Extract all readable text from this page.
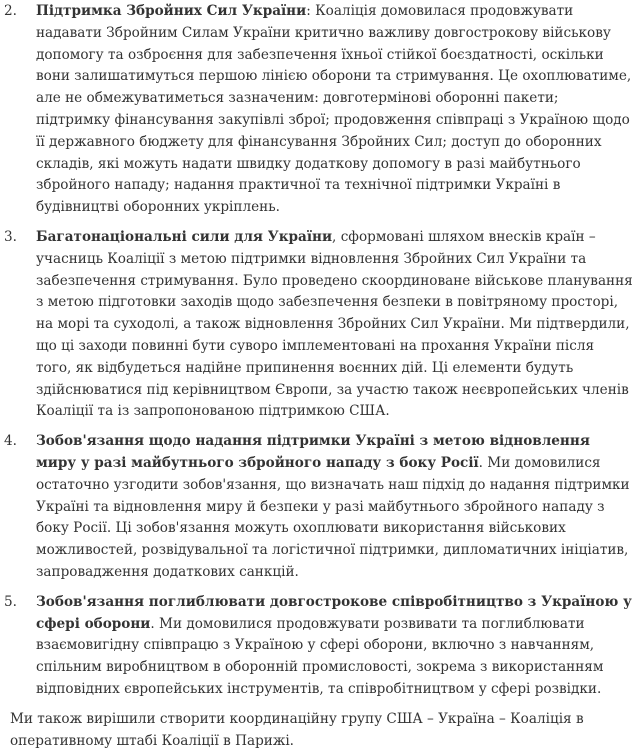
2. Підтримка Збройних Сил України: Коаліція домовилася продовжувати надавати Збройним Силам України критично важливу довгострокову військову допомогу та озброєння для забезпечення їхньої стійкої боєздатності, оскільки вони залишатимуться першою лінією оборони та стримування. Це охоплюватиме, але не обмежуватиметься зазначеним: довготермінові оборонні пакети; підтримку фінансування закупівлі зброї; продовження співпраці з Україною щодо її державного бюджету для фінансування Збройних Сил; доступ до оборонних складів, які можуть надати швидку додаткову допомогу в разі майбутнього збройного нападу; надання практичної та технічної підтримки Україні в будівництві оборонних укріплень.
3. Багатонаціональні сили для України, сформовані шляхом внесків країн – учасниць Коаліції з метою підтримки відновлення Збройних Сил України та забезпечення стримування. Було проведено скоординоване військове планування з метою підготовки заходів щодо забезпечення безпеки в повітряному просторі, на морі та суходолі, а також відновлення Збройних Сил України. Ми підтвердили, що ці заходи повинні бути суворо імплементовані на прохання України після того, як відбудеться надійне припинення воєнних дій. Ці елементи будуть здійснюватися під керівництвом Європи, за участю також неєвропейських членів Коаліції та із запропонованою підтримкою США.
4. Зобов'язання щодо надання підтримки Україні з метою відновлення миру у разі майбутнього збройного нападу з боку Росії. Ми домовилися остаточно узгодити зобов'язання, що визначать наш підхід до надання підтримки Україні та відновлення миру й безпеки у разі майбутнього збройного нападу з боку Росії. Ці зобов'язання можуть охоплювати використання військових можливостей, розвідувальної та логістичної підтримки, дипломатичних ініціатив, запровадження додаткових санкцій.
5. Зобов'язання поглиблювати довгострокове співробітництво з Україною у сфері оборони. Ми домовилися продовжувати розвивати та поглиблювати взаємовигідну співпрацю з Україною у сфері оборони, включно з навчанням, спільним виробництвом в оборонній промисловості, зокрема з використанням відповідних європейських інструментів, та співробітництвом у сфері розвідки.

Ми також вирішили створити координаційну групу США – Україна – Коаліція в оперативному штабі Коаліції в Парижі.
